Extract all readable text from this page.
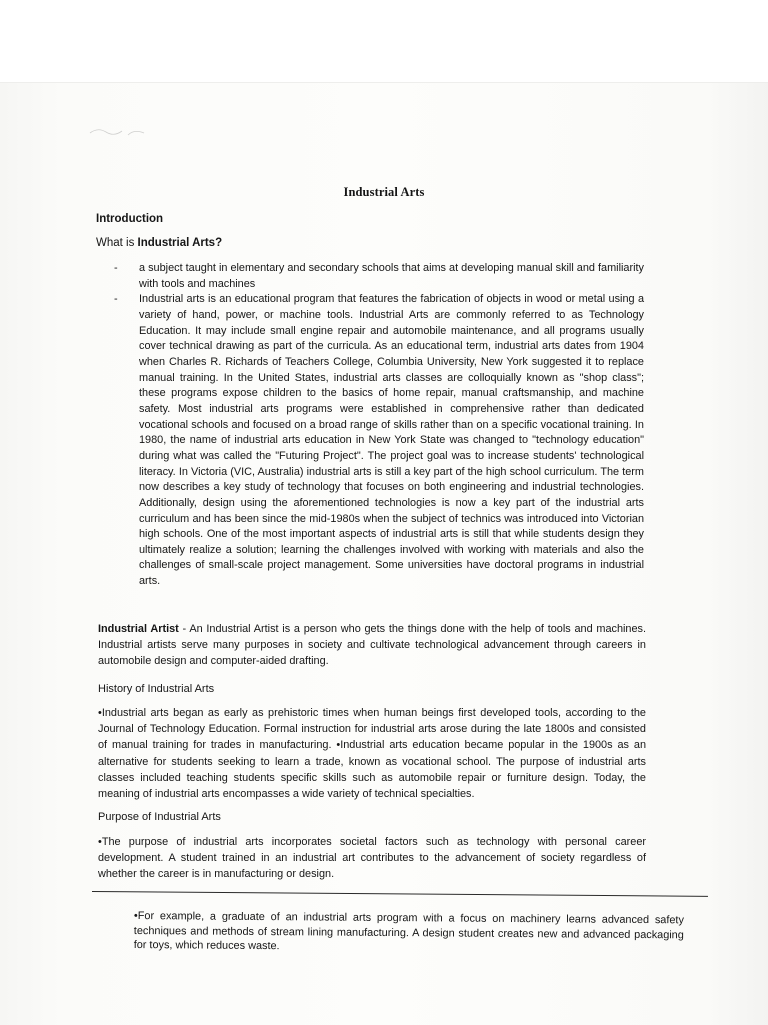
Industrial Arts
Introduction
What is Industrial Arts?
- a subject taught in elementary and secondary schools that aims at developing manual skill and familiarity with tools and machines
- Industrial arts is an educational program that features the fabrication of objects in wood or metal using a variety of hand, power, or machine tools. Industrial Arts are commonly referred to as Technology Education. It may include small engine repair and automobile maintenance, and all programs usually cover technical drawing as part of the curricula. As an educational term, industrial arts dates from 1904 when Charles R. Richards of Teachers College, Columbia University, New York suggested it to replace manual training. In the United States, industrial arts classes are colloquially known as "shop class"; these programs expose children to the basics of home repair, manual craftsmanship, and machine safety. Most industrial arts programs were established in comprehensive rather than dedicated vocational schools and focused on a broad range of skills rather than on a specific vocational training. In 1980, the name of industrial arts education in New York State was changed to "technology education" during what was called the "Futuring Project". The project goal was to increase students' technological literacy. In Victoria (VIC, Australia) industrial arts is still a key part of the high school curriculum. The term now describes a key study of technology that focuses on both engineering and industrial technologies. Additionally, design using the aforementioned technologies is now a key part of the industrial arts curriculum and has been since the mid-1980s when the subject of technics was introduced into Victorian high schools. One of the most important aspects of industrial arts is still that while students design they ultimately realize a solution; learning the challenges involved with working with materials and also the challenges of small-scale project management. Some universities have doctoral programs in industrial arts.

Industrial Artist - An Industrial Artist is a person who gets the things done with the help of tools and machines. Industrial artists serve many purposes in society and cultivate technological advancement through careers in automobile design and computer-aided drafting.

History of Industrial Arts

•Industrial arts began as early as prehistoric times when human beings first developed tools, according to the Journal of Technology Education. Formal instruction for industrial arts arose during the late 1800s and consisted of manual training for trades in manufacturing. •Industrial arts education became popular in the 1900s as an alternative for students seeking to learn a trade, known as vocational school. The purpose of industrial arts classes included teaching students specific skills such as automobile repair or furniture design. Today, the meaning of industrial arts encompasses a wide variety of technical specialties.

Purpose of Industrial Arts

•The purpose of industrial arts incorporates societal factors such as technology with personal career development. A student trained in an industrial art contributes to the advancement of society regardless of whether the career is in manufacturing or design.

•For example, a graduate of an industrial arts program with a focus on machinery learns advanced safety techniques and methods of stream lining manufacturing. A design student creates new and advanced packaging for toys, which reduces waste.
